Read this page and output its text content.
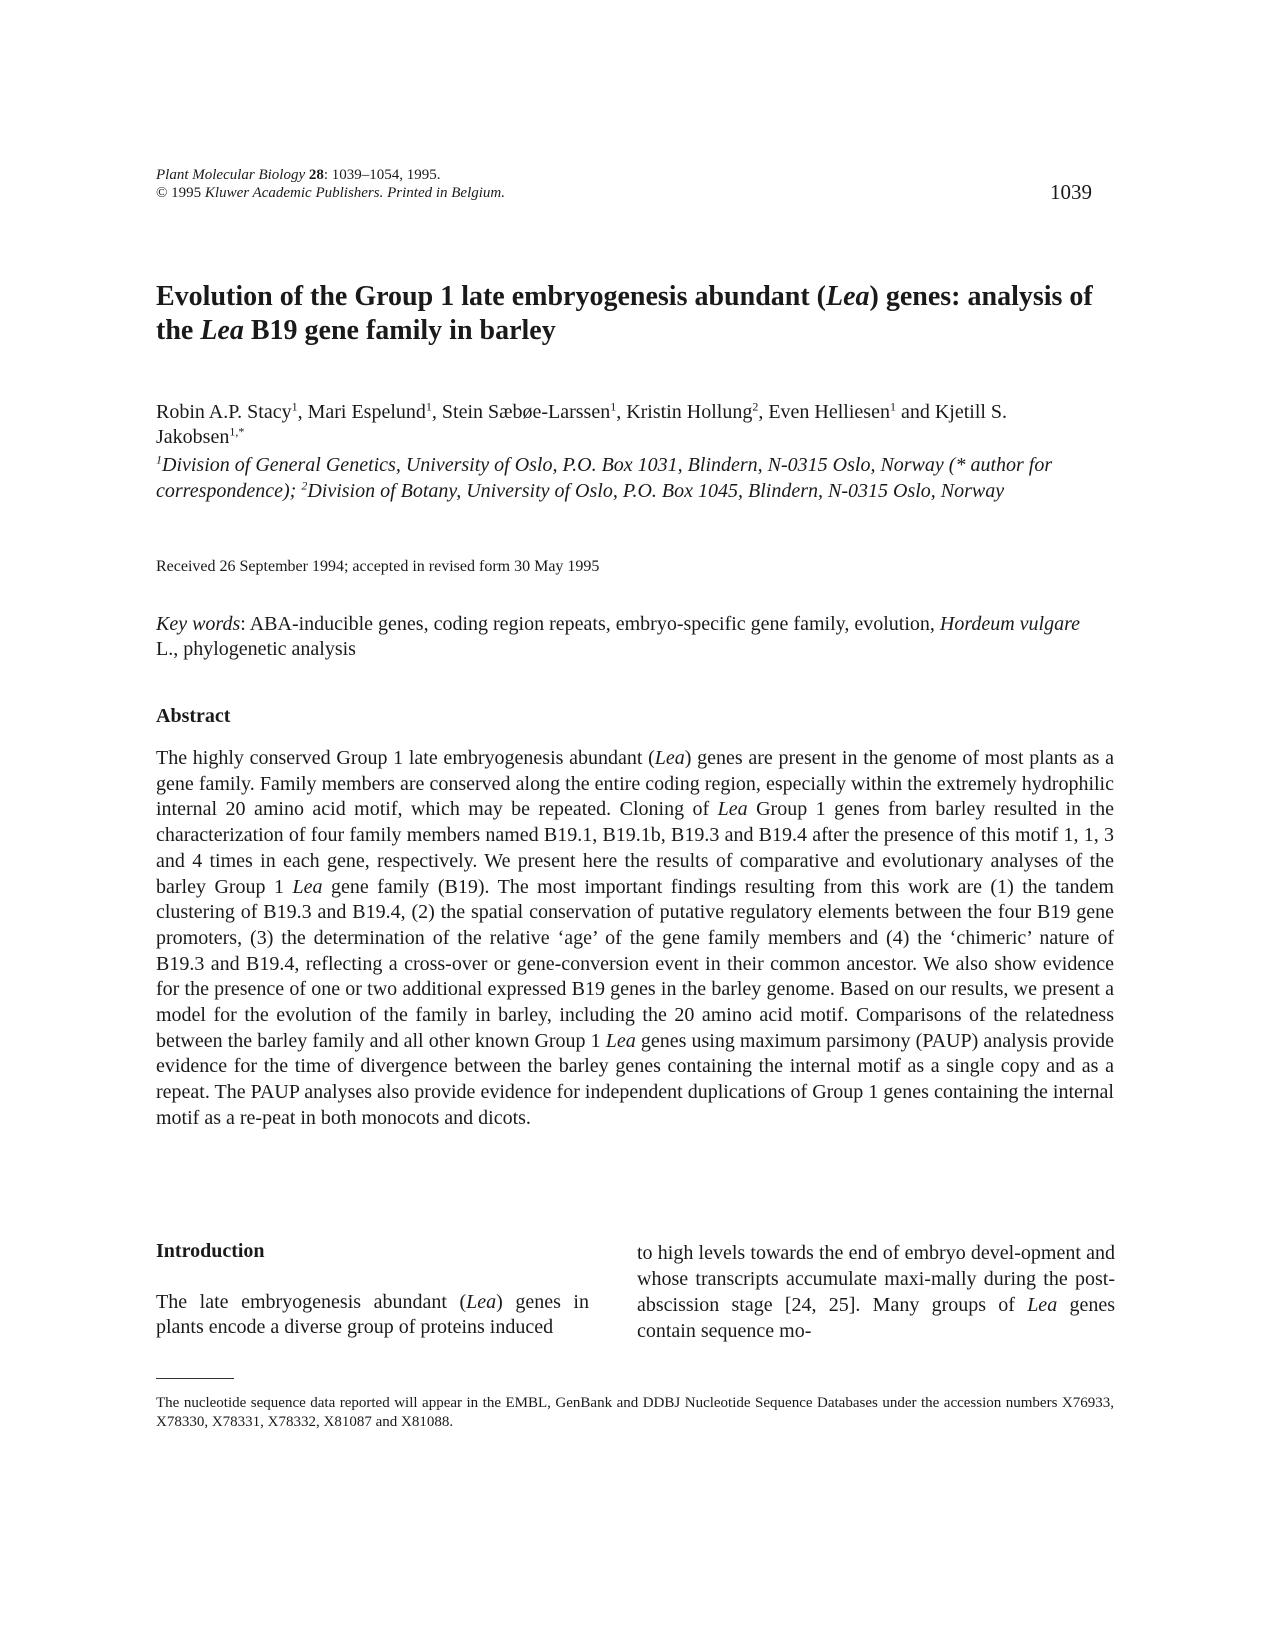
Plant Molecular Biology 28: 1039–1054, 1995.
© 1995 Kluwer Academic Publishers. Printed in Belgium.	1039
Evolution of the Group 1 late embryogenesis abundant (Lea) genes: analysis of the Lea B19 gene family in barley
Robin A.P. Stacy$^1$, Mari Espelund$^1$, Stein Sæbøe-Larssen$^1$, Kristin Hollung$^2$, Even Helliesen$^1$ and Kjetill S. Jakobsen$^{1,*}$
$^1$Division of General Genetics, University of Oslo, P.O. Box 1031, Blindern, N-0315 Oslo, Norway (* author for correspondence); $^2$Division of Botany, University of Oslo, P.O. Box 1045, Blindern, N-0315 Oslo, Norway
Received 26 September 1994; accepted in revised form 30 May 1995
Key words: ABA-inducible genes, coding region repeats, embryo-specific gene family, evolution, Hordeum vulgare L., phylogenetic analysis
Abstract
The highly conserved Group 1 late embryogenesis abundant (Lea) genes are present in the genome of most plants as a gene family. Family members are conserved along the entire coding region, especially within the extremely hydrophilic internal 20 amino acid motif, which may be repeated. Cloning of Lea Group 1 genes from barley resulted in the characterization of four family members named B19.1, B19.1b, B19.3 and B19.4 after the presence of this motif 1, 1, 3 and 4 times in each gene, respectively. We present here the results of comparative and evolutionary analyses of the barley Group 1 Lea gene family (B19). The most important findings resulting from this work are (1) the tandem clustering of B19.3 and B19.4, (2) the spatial conservation of putative regulatory elements between the four B19 gene promoters, (3) the determination of the relative ‘age’ of the gene family members and (4) the ‘chimeric’ nature of B19.3 and B19.4, reflecting a cross-over or gene-conversion event in their common ancestor. We also show evidence for the presence of one or two additional expressed B19 genes in the barley genome. Based on our results, we present a model for the evolution of the family in barley, including the 20 amino acid motif. Comparisons of the relatedness between the barley family and all other known Group 1 Lea genes using maximum parsimony (PAUP) analysis provide evidence for the time of divergence between the barley genes containing the internal motif as a single copy and as a repeat. The PAUP analyses also provide evidence for independent duplications of Group 1 genes containing the internal motif as a re-peat in both monocots and dicots.
Introduction
The late embryogenesis abundant (Lea) genes in plants encode a diverse group of proteins induced
to high levels towards the end of embryo devel-opment and whose transcripts accumulate maxi-mally during the post-abscission stage [24, 25]. Many groups of Lea genes contain sequence mo-
The nucleotide sequence data reported will appear in the EMBL, GenBank and DDBJ Nucleotide Sequence Databases under the accession numbers X76933, X78330, X78331, X78332, X81087 and X81088.
